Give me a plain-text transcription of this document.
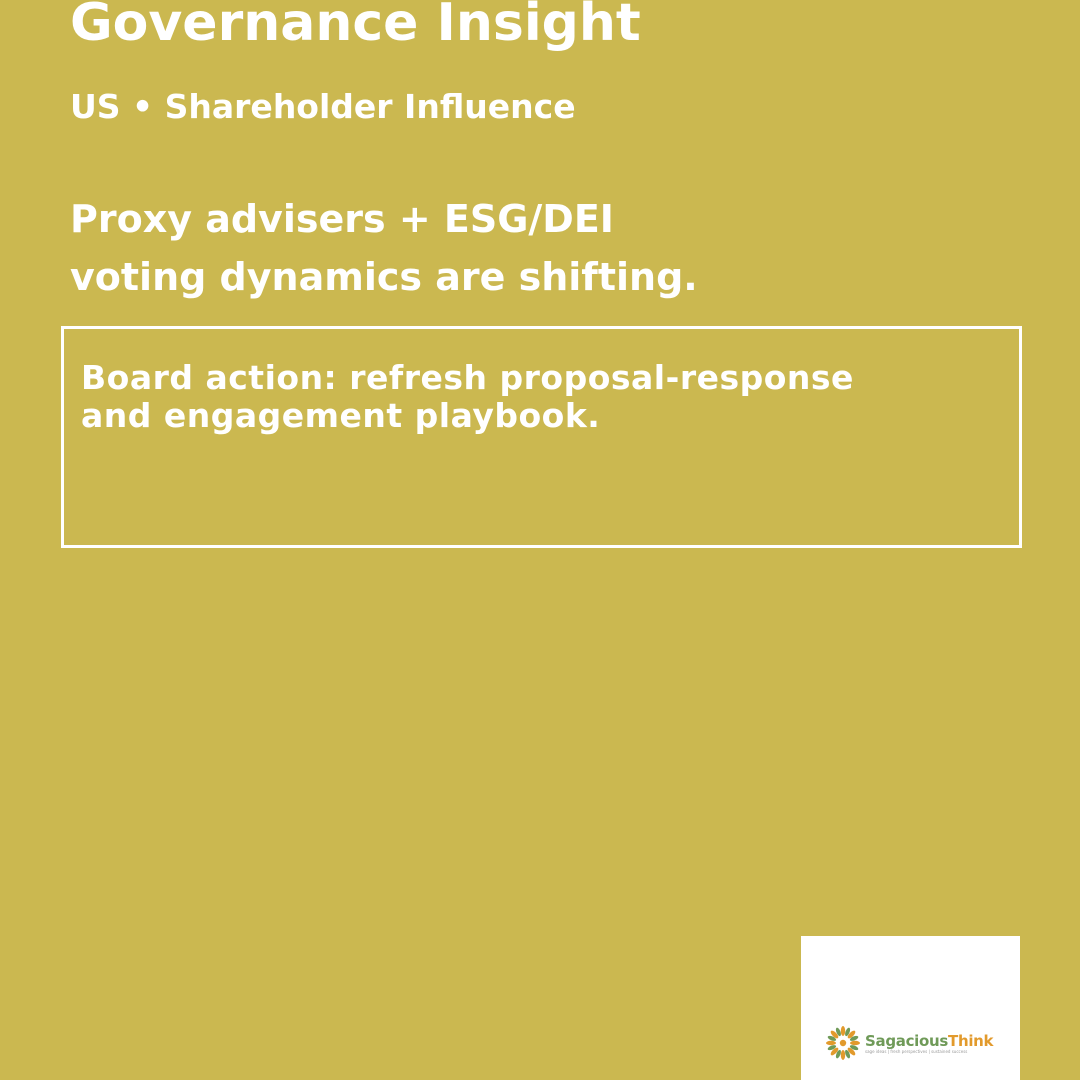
Governance Insight

US • Shareholder Influence

Proxy advisers + ESG/DEI
voting dynamics are shifting.
Board action: refresh proposal-response
and engagement playbook.
SagaciousThink
sage ideas | fresh perspectives | sustained success
